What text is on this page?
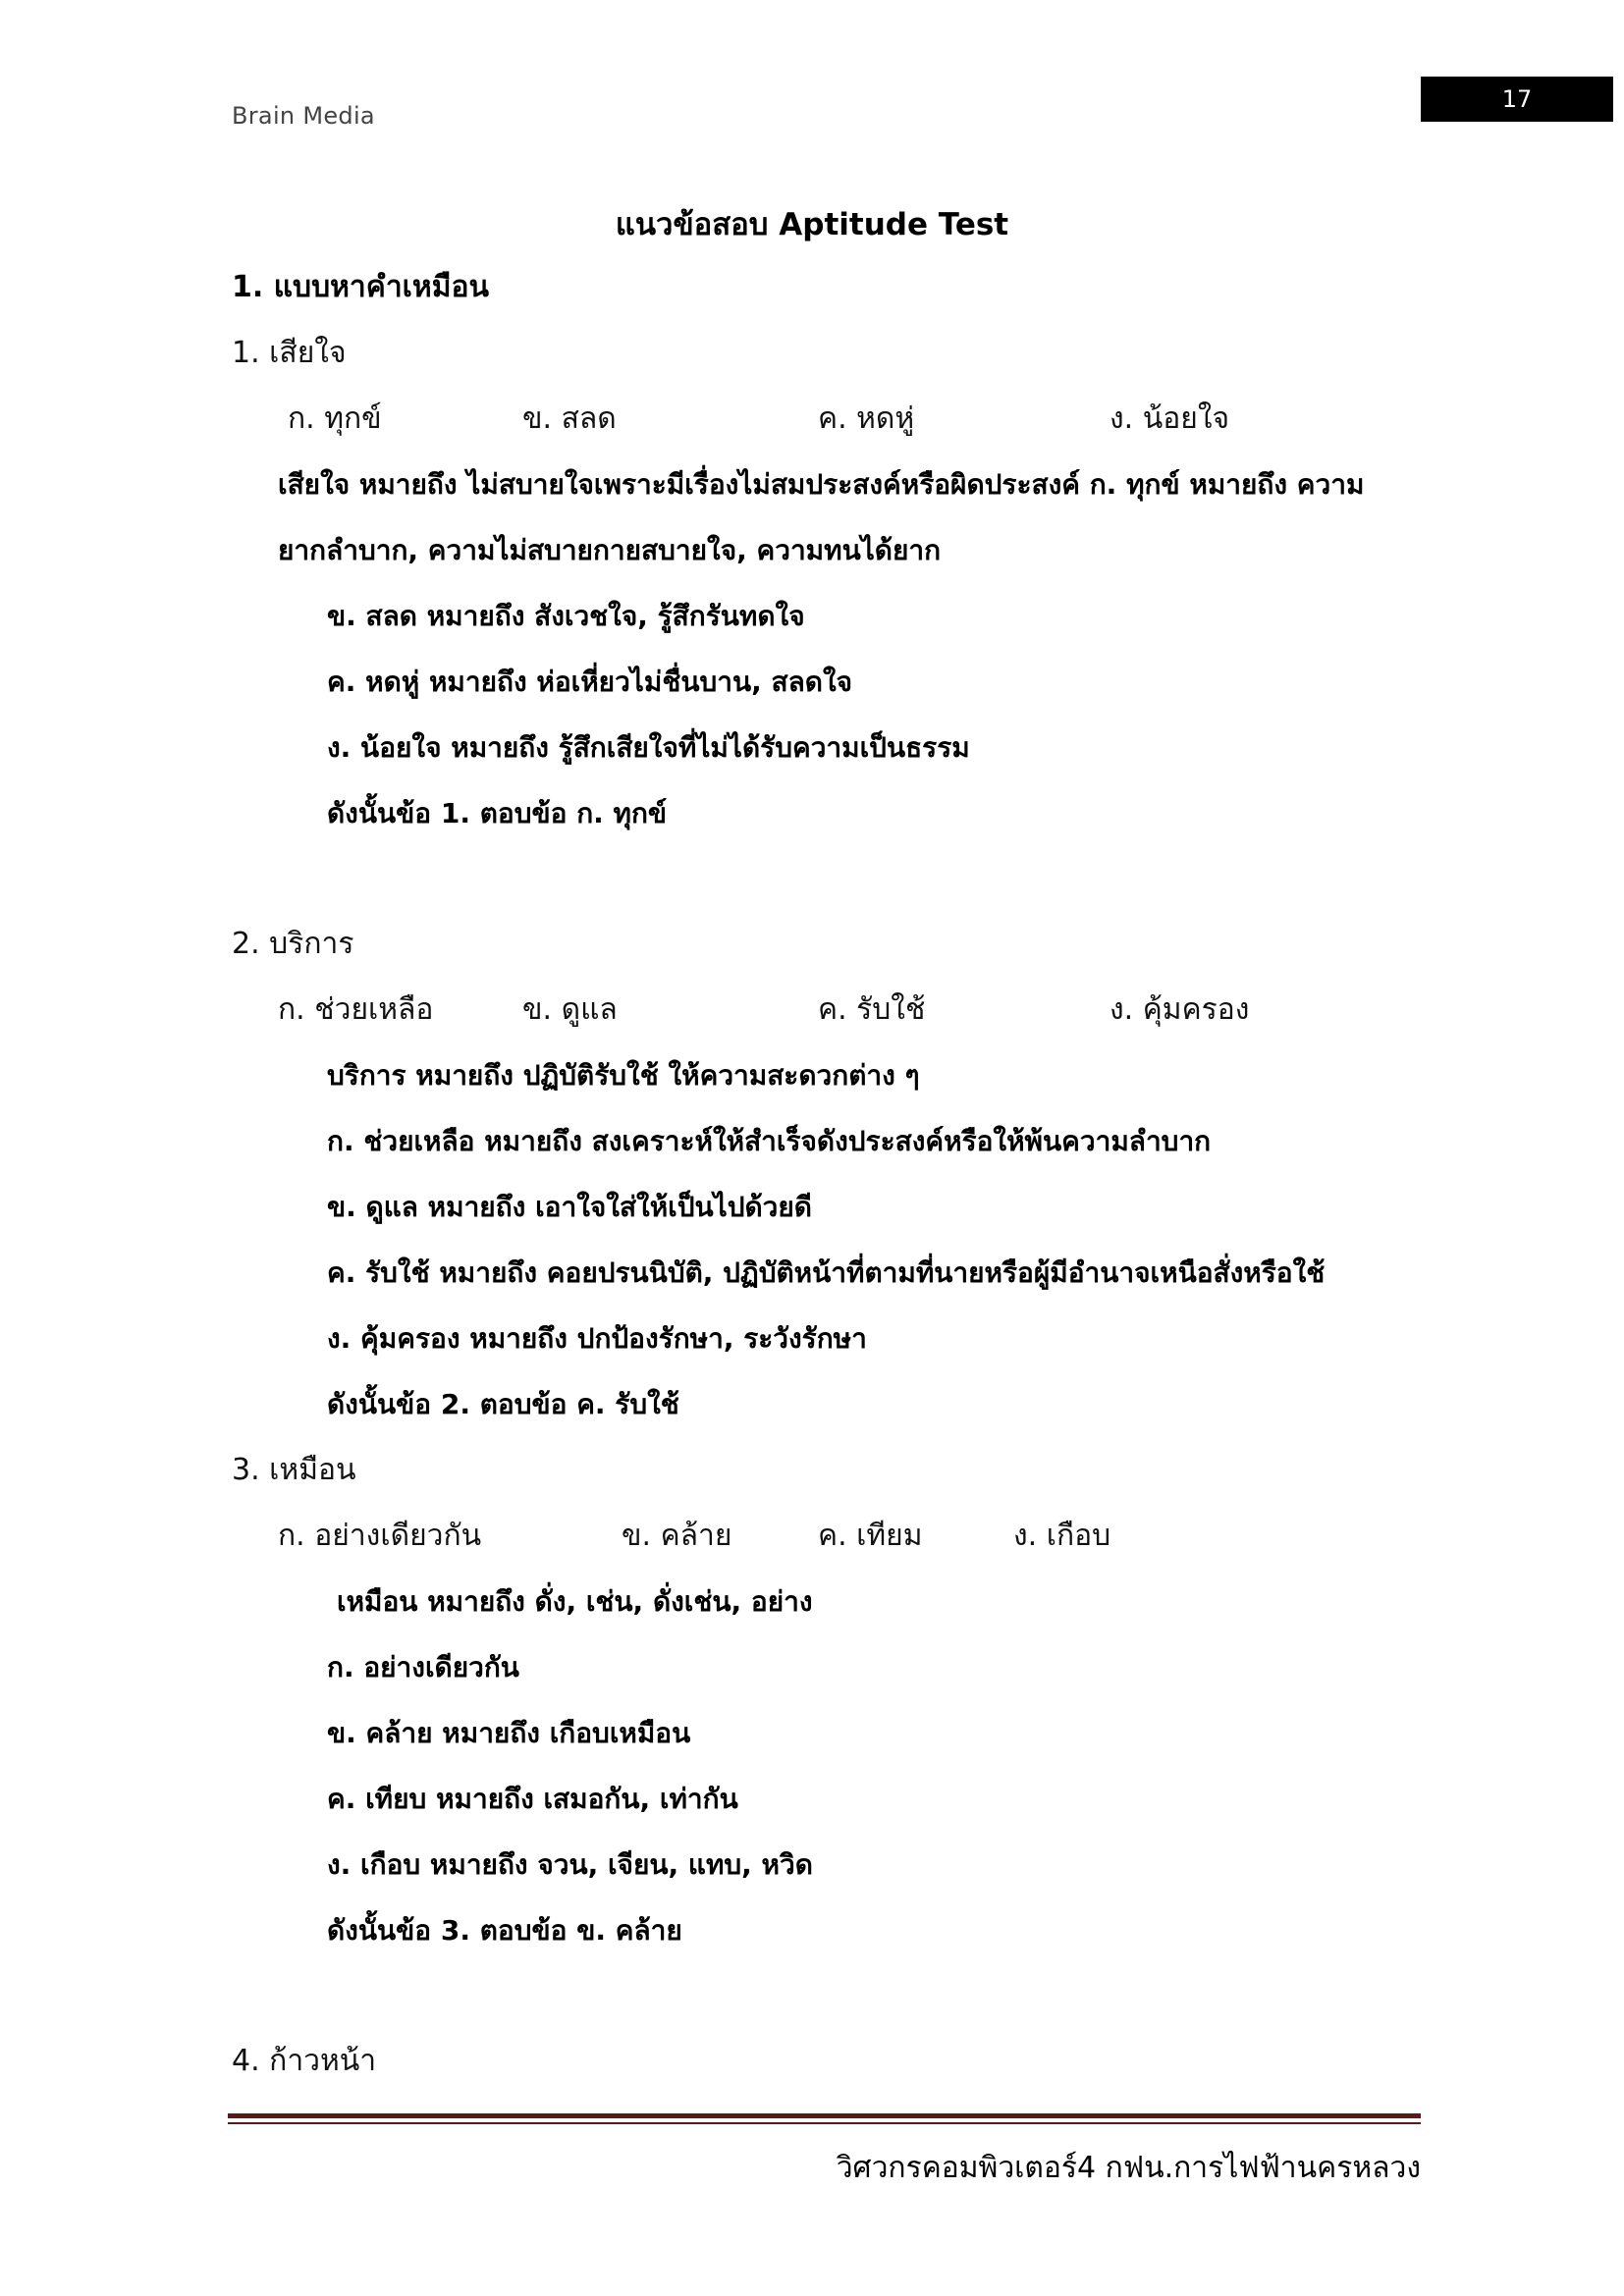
Brain Media
17
แนวข้อสอบ Aptitude Test
1. แบบหาคำเหมือน
1. เสียใจ
ก. ทุกข์	ข. สลด	ค. หดหู่	ง. น้อยใจ
เสียใจ หมายถึง ไม่สบายใจเพราะมีเรื่องไม่สมประสงค์หรือผิดประสงค์ ก. ทุกข์ หมายถึง ความ
ยากลำบาก, ความไม่สบายกายสบายใจ, ความทนได้ยาก
ข. สลด หมายถึง สังเวชใจ, รู้สึกรันทดใจ
ค. หดหู่ หมายถึง ห่อเหี่ยวไม่ชื่นบาน, สลดใจ
ง. น้อยใจ หมายถึง รู้สึกเสียใจที่ไม่ได้รับความเป็นธรรม
ดังนั้นข้อ 1. ตอบข้อ ก. ทุกข์
2. บริการ
ก. ช่วยเหลือ	ข. ดูแล	ค. รับใช้	ง. คุ้มครอง
บริการ หมายถึง ปฏิบัติรับใช้ ให้ความสะดวกต่าง ๆ
ก. ช่วยเหลือ หมายถึง สงเคราะห์ให้สำเร็จดังประสงค์หรือให้พ้นความลำบาก
ข. ดูแล หมายถึง เอาใจใส่ให้เป็นไปด้วยดี
ค. รับใช้ หมายถึง คอยปรนนิบัติ, ปฏิบัติหน้าที่ตามที่นายหรือผู้มีอำนาจเหนือสั่งหรือใช้
ง. คุ้มครอง หมายถึง ปกป้องรักษา, ระวังรักษา
ดังนั้นข้อ 2. ตอบข้อ ค. รับใช้
3. เหมือน
ก. อย่างเดียวกัน	ข. คล้าย	ค. เทียม	ง. เกือบ
เหมือน หมายถึง ดั่ง, เช่น, ดั่งเช่น, อย่าง
ก. อย่างเดียวกัน
ข. คล้าย หมายถึง เกือบเหมือน
ค. เทียบ หมายถึง เสมอกัน, เท่ากัน
ง. เกือบ หมายถึง จวน, เจียน, แทบ, หวิด
ดังนั้นข้อ 3. ตอบข้อ ข. คล้าย
4. ก้าวหน้า
วิศวกรคอมพิวเตอร์4 กฟน.การไฟฟ้านครหลวง
